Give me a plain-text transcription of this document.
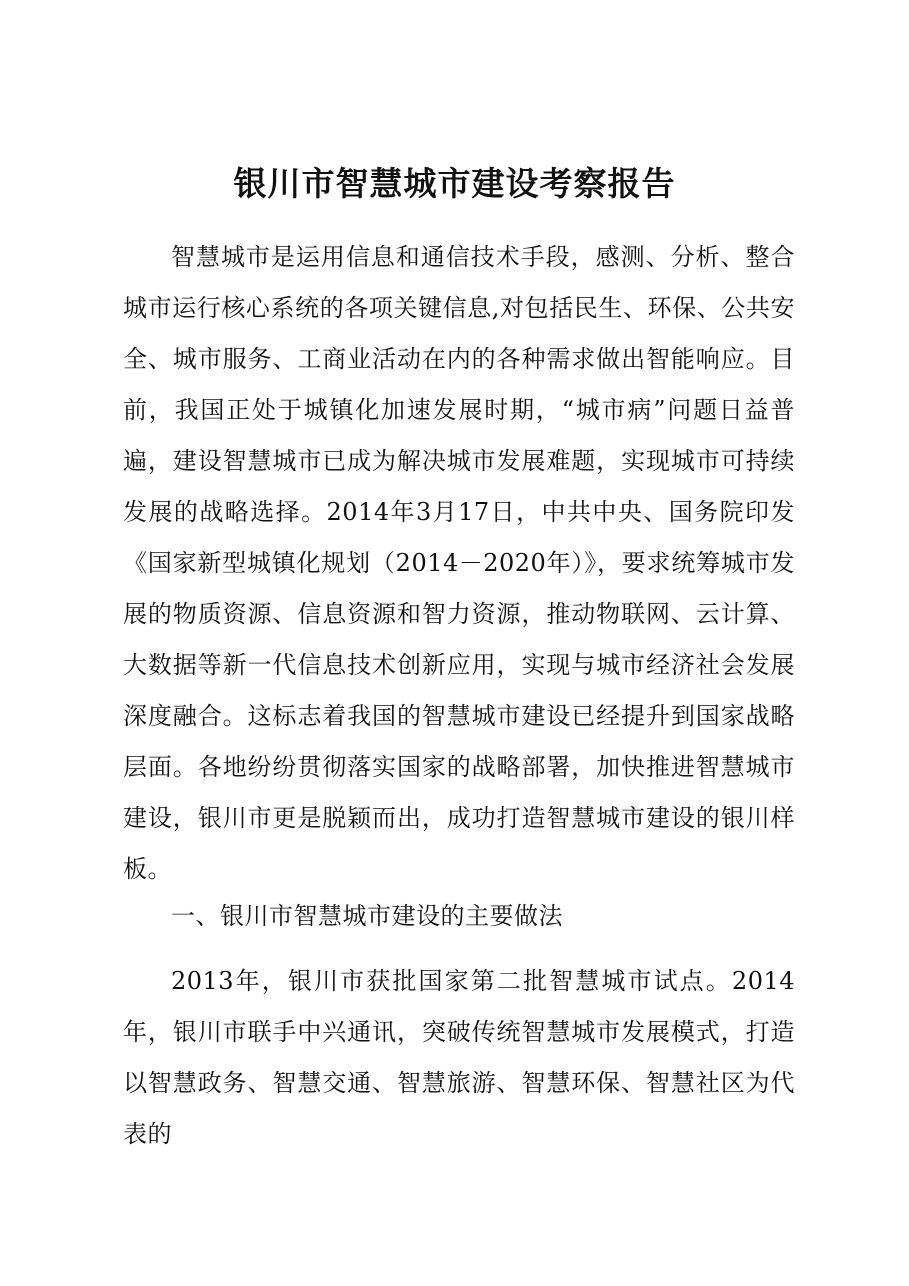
银川市智慧城市建设考察报告

智慧城市是运用信息和通信技术手段，感测、分析、整合城市运行核心系统的各项关键信息,对包括民生、环保、公共安全、城市服务、工商业活动在内的各种需求做出智能响应。目前，我国正处于城镇化加速发展时期，“城市病”问题日益普遍，建设智慧城市已成为解决城市发展难题，实现城市可持续发展的战略选择。2014年3月17日，中共中央、国务院印发《国家新型城镇化规划（2014－2020年）》，要求统筹城市发展的物质资源、信息资源和智力资源，推动物联网、云计算、大数据等新一代信息技术创新应用，实现与城市经济社会发展深度融合。这标志着我国的智慧城市建设已经提升到国家战略层面。各地纷纷贯彻落实国家的战略部署，加快推进智慧城市建设，银川市更是脱颖而出，成功打造智慧城市建设的银川样板。

一、银川市智慧城市建设的主要做法

2013年，银川市获批国家第二批智慧城市试点。2014年，银川市联手中兴通讯，突破传统智慧城市发展模式，打造以智慧政务、智慧交通、智慧旅游、智慧环保、智慧社区为代表的
